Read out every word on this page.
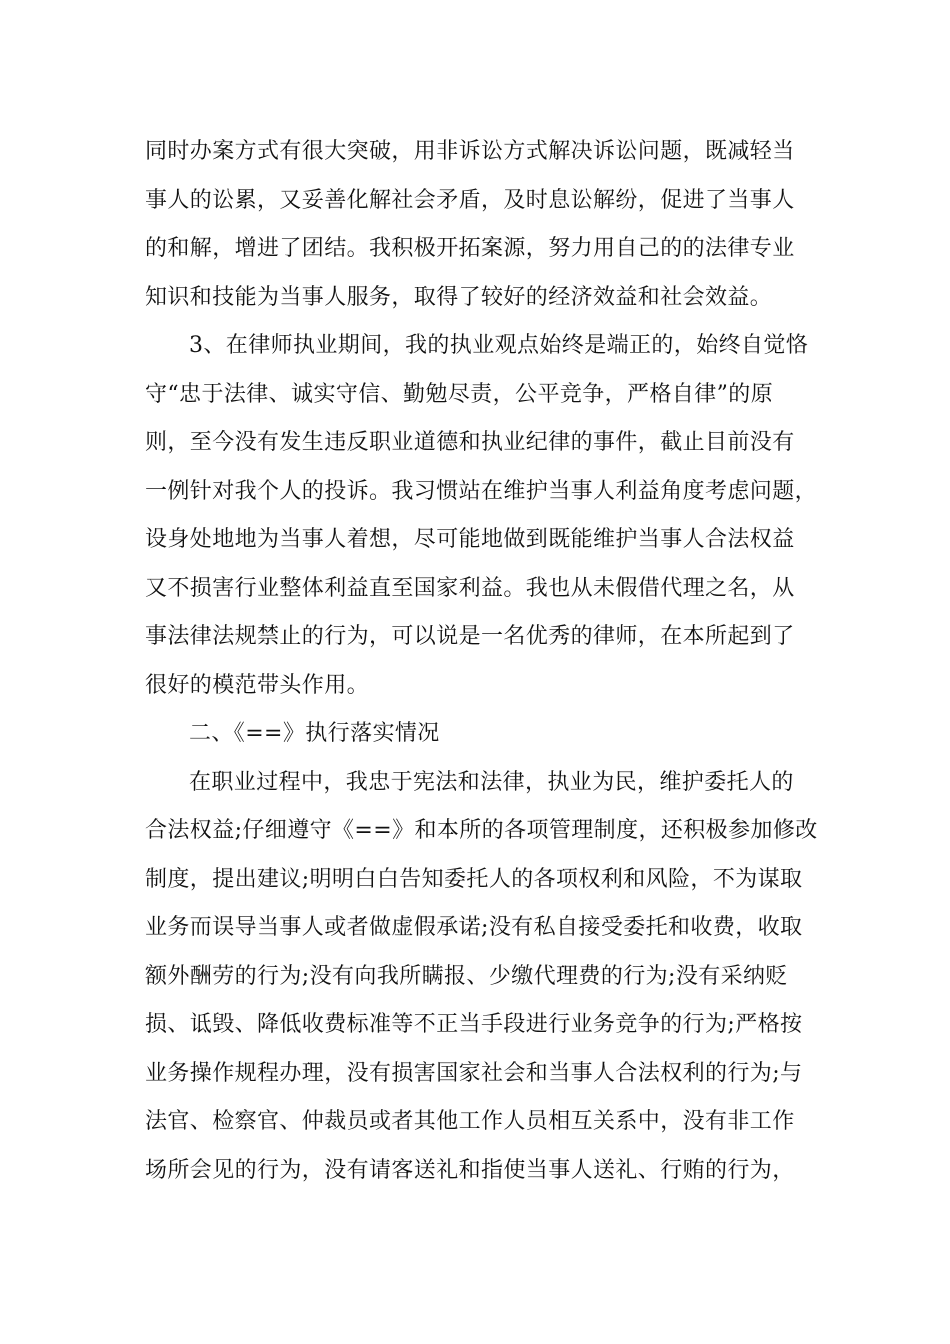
同时办案方式有很大突破，用非诉讼方式解决诉讼问题，既减轻当
事人的讼累，又妥善化解社会矛盾，及时息讼解纷，促进了当事人
的和解，增进了团结。我积极开拓案源，努力用自己的的法律专业
知识和技能为当事人服务，取得了较好的经济效益和社会效益。
3、在律师执业期间，我的执业观点始终是端正的，始终自觉恪
守“忠于法律、诚实守信、勤勉尽责，公平竞争，严格自律”的原
则，至今没有发生违反职业道德和执业纪律的事件，截止目前没有
一例针对我个人的投诉。我习惯站在维护当事人利益角度考虑问题，
设身处地地为当事人着想，尽可能地做到既能维护当事人合法权益
又不损害行业整体利益直至国家利益。我也从未假借代理之名，从
事法律法规禁止的行为，可以说是一名优秀的律师，在本所起到了
很好的模范带头作用。
二、《==》执行落实情况
在职业过程中，我忠于宪法和法律，执业为民，维护委托人的
合法权益;仔细遵守《==》和本所的各项管理制度，还积极参加修改
制度，提出建议;明明白白告知委托人的各项权利和风险，不为谋取
业务而误导当事人或者做虚假承诺;没有私自接受委托和收费，收取
额外酬劳的行为;没有向我所瞒报、少缴代理费的行为;没有采纳贬
损、诋毁、降低收费标准等不正当手段进行业务竞争的行为;严格按
业务操作规程办理，没有损害国家社会和当事人合法权利的行为;与
法官、检察官、仲裁员或者其他工作人员相互关系中，没有非工作
场所会见的行为，没有请客送礼和指使当事人送礼、行贿的行为，
